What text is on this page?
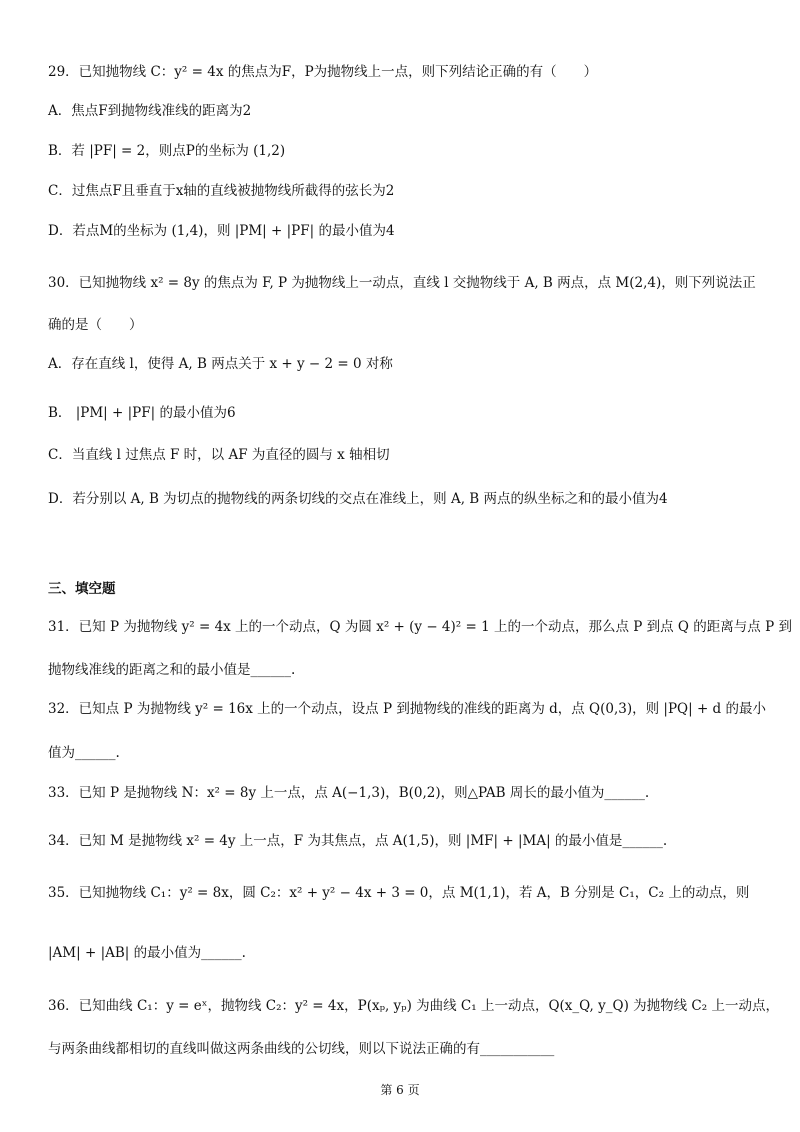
29．已知抛物线 C：y² = 4x 的焦点为F，P为抛物线上一点，则下列结论正确的有（　　）
A．焦点F到抛物线准线的距离为2
B．若 |PF| = 2，则点P的坐标为 (1,2)
C．过焦点F且垂直于x轴的直线被抛物线所截得的弦长为2
D．若点M的坐标为 (1,4)，则 |PM| + |PF| 的最小值为4
30．已知抛物线 x² = 8y 的焦点为 F, P 为抛物线上一动点，直线 l 交抛物线于 A, B 两点，点 M(2,4)，则下列说法正
确的是（　　）
A．存在直线 l，使得 A, B 两点关于 x + y − 2 = 0 对称
B． |PM| + |PF| 的最小值为6
C．当直线 l 过焦点 F 时，以 AF 为直径的圆与 x 轴相切
D．若分别以 A, B 为切点的抛物线的两条切线的交点在准线上，则 A, B 两点的纵坐标之和的最小值为4
三、填空题
31．已知 P 为抛物线 y² = 4x 上的一个动点，Q 为圆 x² + (y − 4)² = 1 上的一个动点，那么点 P 到点 Q 的距离与点 P 到
抛物线准线的距离之和的最小值是______.
32．已知点 P 为抛物线 y² = 16x 上的一个动点，设点 P 到抛物线的准线的距离为 d，点 Q(0,3)，则 |PQ| + d 的最小
值为______.
33．已知 P 是抛物线 N：x² = 8y 上一点，点 A(−1,3)，B(0,2)，则△PAB 周长的最小值为______.
34．已知 M 是抛物线 x² = 4y 上一点，F 为其焦点，点 A(1,5)，则 |MF| + |MA| 的最小值是______.
35．已知抛物线 C₁：y² = 8x，圆 C₂：x² + y² − 4x + 3 = 0，点 M(1,1)，若 A，B 分别是 C₁，C₂ 上的动点，则
|AM| + |AB| 的最小值为______.
36．已知曲线 C₁：y = eˣ，抛物线 C₂：y² = 4x，P(xₚ, yₚ) 为曲线 C₁ 上一动点，Q(x_Q, y_Q) 为抛物线 C₂ 上一动点，
与两条曲线都相切的直线叫做这两条曲线的公切线，则以下说法正确的有___________
第 6 页
